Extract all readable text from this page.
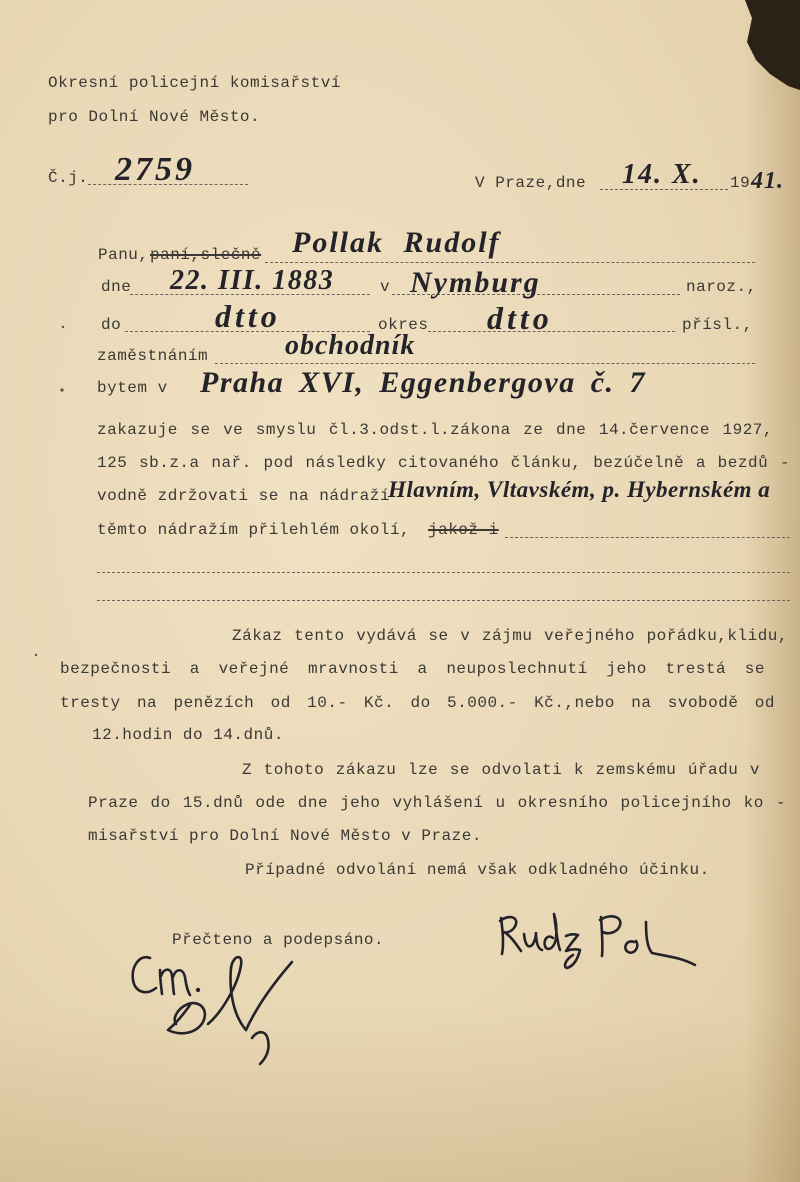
Okresní policejní komisařství
pro Dolní Nové Město.
Č.j. 2759	V Praze,dne 14. X. 19 41.
Panu, paní,slečně Pollak Rudolf
dne 22. III. 1883	v Nymburg	naroz.,
do	dtto	okres dtto	přísl.,
zaměstnáním	obchodník
bytem v Praha XVI, Eggenbergova č. 7
zakazuje se ve smyslu čl.3.odst.l.zákona ze dne 14.července 1927,
125 sb.z.a nař. pod následky citovaného článku, bezúčelně a bezdů -
vodně zdržovati se na nádraží
Hlavním, Vltavském, p. Hybernském a
těmto nádražím přilehlém okolí, jakož i
Zákaz tento vydává se v zájmu veřejného pořádku,klidu,
bezpečnosti a veřejné mravnosti a neuposlechnutí jeho trestá se
tresty na penězích od 10.- Kč. do 5.000.- Kč.,nebo na svobodě od
12.hodin do 14.dnů.
Z tohoto zákazu lze se odvolati k zemskému úřadu v
Praze do 15.dnů ode dne jeho vyhlášení u okresního policejního ko -
misařství pro Dolní Nové Město v Praze.
Případné odvolání nemá však odkladného účinku.
Přečteno a podepsáno.
